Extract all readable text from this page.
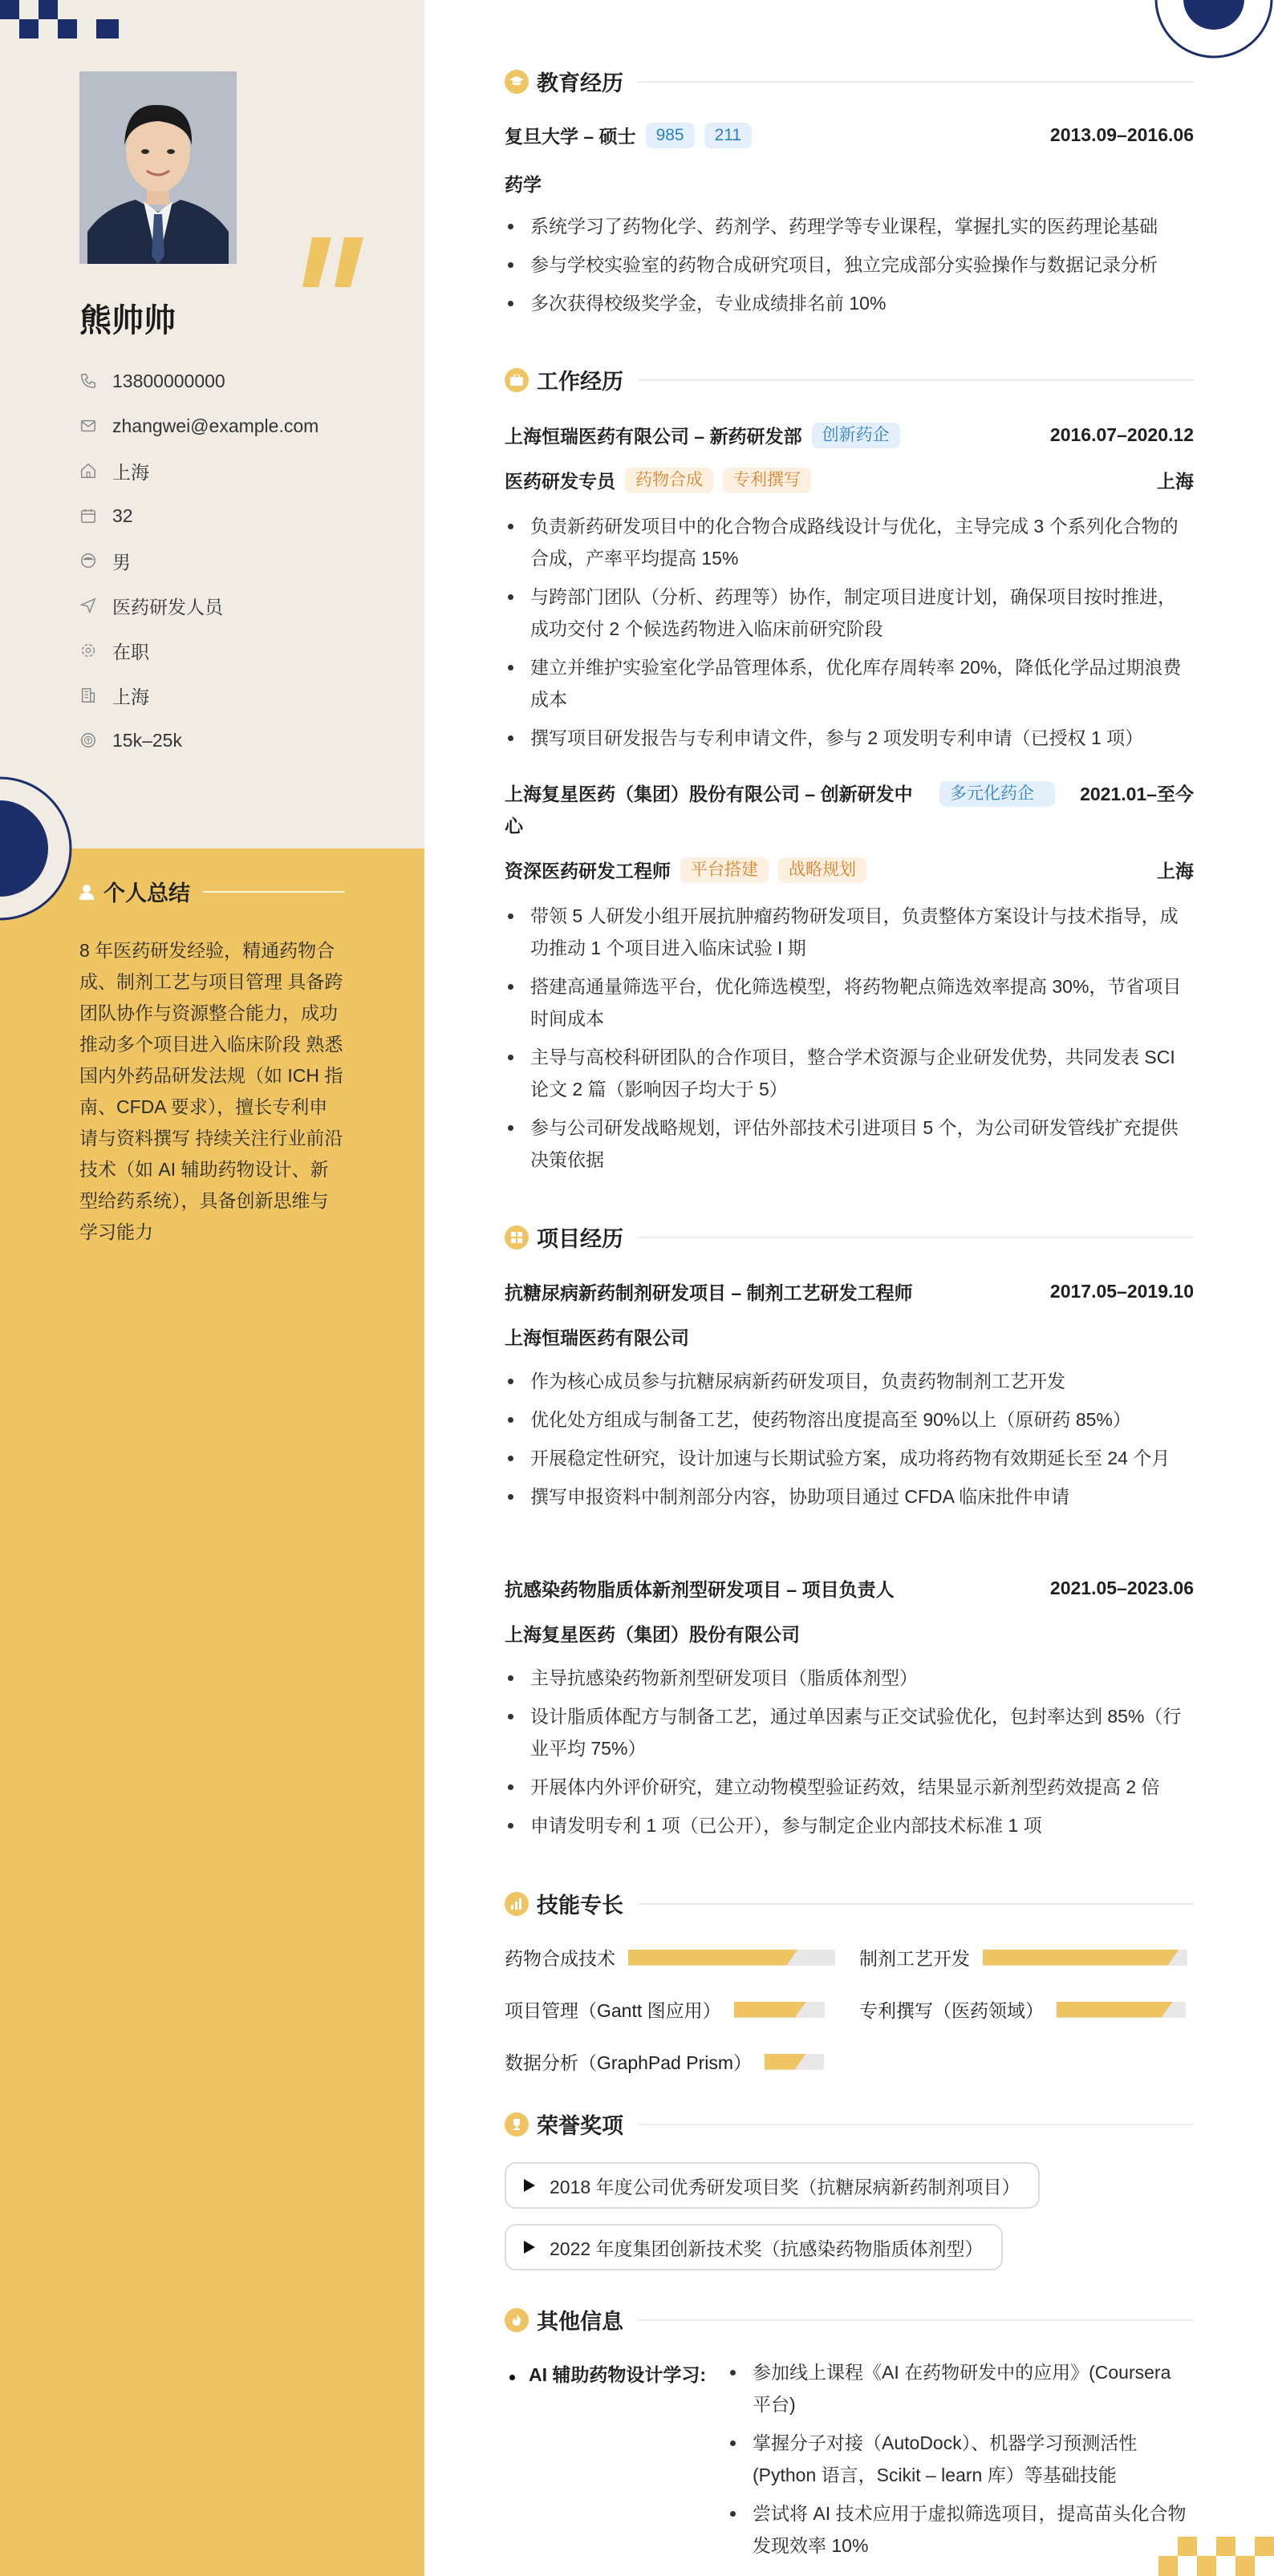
熊帅帅
13800000000
zhangwei@example.com
上海
32
男
医药研发人员
在职
上海
15k–25k
个人总结
8 年医药研发经验，精通药物合成、制剂工艺与项目管理 具备跨团队协作与资源整合能力，成功推动多个项目进入临床阶段 熟悉国内外药品研发法规（如 ICH 指南、CFDA 要求），擅长专利申请与资料撰写 持续关注行业前沿技术（如 AI 辅助药物设计、新型给药系统），具备创新思维与学习能力
教育经历
复旦大学 – 硕士	985	211	2013.09–2016.06
药学
系统学习了药物化学、药剂学、药理学等专业课程，掌握扎实的医药理论基础
参与学校实验室的药物合成研究项目，独立完成部分实验操作与数据记录分析
多次获得校级奖学金，专业成绩排名前 10%
工作经历
上海恒瑞医药有限公司 – 新药研发部	创新药企	2016.07–2020.12
医药研发专员	药物合成	专利撰写	上海
负责新药研发项目中的化合物合成路线设计与优化，主导完成 3 个系列化合物的合成，产率平均提高 15%
与跨部门团队（分析、药理等）协作，制定项目进度计划，确保项目按时推进，成功交付 2 个候选药物进入临床前研究阶段
建立并维护实验室化学品管理体系，优化库存周转率 20%，降低化学品过期浪费成本
撰写项目研发报告与专利申请文件，参与 2 项发明专利申请（已授权 1 项）
上海复星医药（集团）股份有限公司 – 创新研发中心
多元化药企	2021.01–至今
资深医药研发工程师	平台搭建	战略规划	上海
带领 5 人研发小组开展抗肿瘤药物研发项目，负责整体方案设计与技术指导，成功推动 1 个项目进入临床试验 I 期
搭建高通量筛选平台，优化筛选模型，将药物靶点筛选效率提高 30%，节省项目时间成本
主导与高校科研团队的合作项目，整合学术资源与企业研发优势，共同发表 SCI 论文 2 篇（影响因子均大于 5）
参与公司研发战略规划，评估外部技术引进项目 5 个，为公司研发管线扩充提供决策依据
项目经历
抗糖尿病新药制剂研发项目 – 制剂工艺研发工程师	2017.05–2019.10
上海恒瑞医药有限公司
作为核心成员参与抗糖尿病新药研发项目，负责药物制剂工艺开发
优化处方组成与制备工艺，使药物溶出度提高至 90%以上（原研药 85%）
开展稳定性研究，设计加速与长期试验方案，成功将药物有效期延长至 24 个月
撰写申报资料中制剂部分内容，协助项目通过 CFDA 临床批件申请
抗感染药物脂质体新剂型研发项目 – 项目负责人	2021.05–2023.06
上海复星医药（集团）股份有限公司
主导抗感染药物新剂型研发项目（脂质体剂型）
设计脂质体配方与制备工艺，通过单因素与正交试验优化，包封率达到 85%（行业平均 75%）
开展体内外评价研究，建立动物模型验证药效，结果显示新剂型药效提高 2 倍
申请发明专利 1 项（已公开），参与制定企业内部技术标准 1 项
技能专长
药物合成技术	制剂工艺开发
项目管理（Gantt 图应用）	专利撰写（医药领域）
数据分析（GraphPad Prism）
荣誉奖项
2018 年度公司优秀研发项目奖（抗糖尿病新药制剂项目）
2022 年度集团创新技术奖（抗感染药物脂质体剂型）
其他信息
AI 辅助药物设计学习:	参加线上课程《AI 在药物研发中的应用》(Coursera 平台)
掌握分子对接（AutoDock）、机器学习预测活性(Python 语言，Scikit – learn 库）等基础技能
尝试将 AI 技术应用于虚拟筛选项目，提高苗头化合物发现效率 10%
